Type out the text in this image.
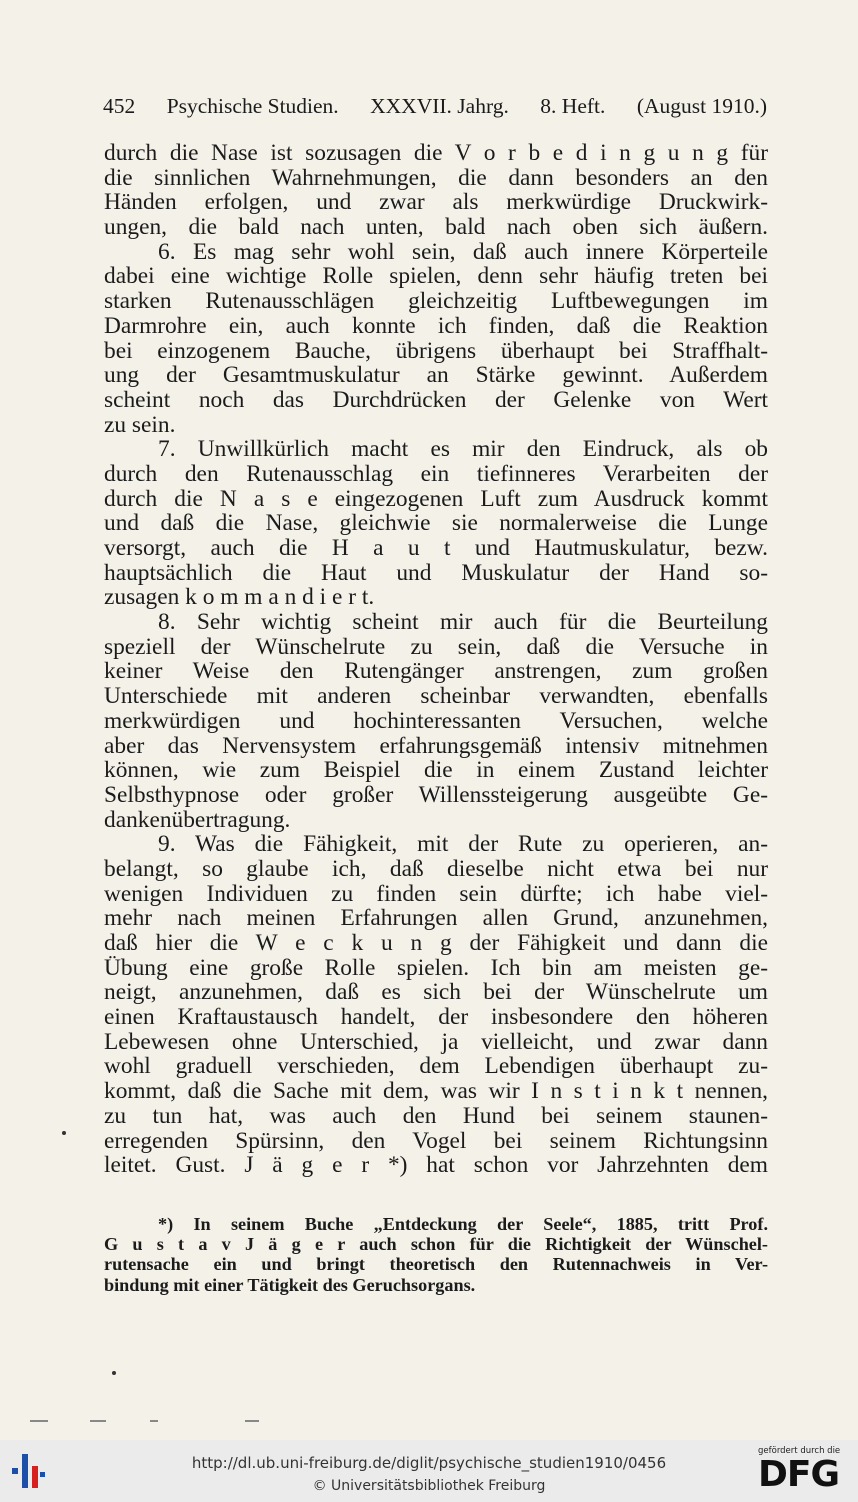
452 Psychische Studien. XXXVII. Jahrg. 8. Heft. (August 1910.)
durch die Nase ist sozusagen die V o r b e d i n g u n g für
die sinnlichen Wahrnehmungen, die dann besonders an den
Händen erfolgen, und zwar als merkwürdige Druckwirk-
ungen, die bald nach unten, bald nach oben sich äußern.
6. Es mag sehr wohl sein, daß auch innere Körperteile
dabei eine wichtige Rolle spielen, denn sehr häufig treten bei
starken Rutenausschlägen gleichzeitig Luftbewegungen im
Darmrohre ein, auch konnte ich finden, daß die Reaktion
bei einzogenem Bauche, übrigens überhaupt bei Straffhalt-
ung der Gesamtmuskulatur an Stärke gewinnt. Außerdem
scheint noch das Durchdrücken der Gelenke von Wert
zu sein.
7. Unwillkürlich macht es mir den Eindruck, als ob
durch den Rutenausschlag ein tiefinneres Verarbeiten der
durch die N a s e eingezogenen Luft zum Ausdruck kommt
und daß die Nase, gleichwie sie normalerweise die Lunge
versorgt, auch die H a u t und Hautmuskulatur, bezw.
hauptsächlich die Haut und Muskulatur der Hand so-
zusagen k o m m a n d i e r t.
8. Sehr wichtig scheint mir auch für die Beurteilung
speziell der Wünschelrute zu sein, daß die Versuche in
keiner Weise den Rutengänger anstrengen, zum großen
Unterschiede mit anderen scheinbar verwandten, ebenfalls
merkwürdigen und hochinteressanten Versuchen, welche
aber das Nervensystem erfahrungsgemäß intensiv mitnehmen
können, wie zum Beispiel die in einem Zustand leichter
Selbsthypnose oder großer Willenssteigerung ausgeübte Ge-
dankenübertragung.
9. Was die Fähigkeit, mit der Rute zu operieren, an-
belangt, so glaube ich, daß dieselbe nicht etwa bei nur
wenigen Individuen zu finden sein dürfte; ich habe viel-
mehr nach meinen Erfahrungen allen Grund, anzunehmen,
daß hier die W e c k u n g der Fähigkeit und dann die
Übung eine große Rolle spielen. Ich bin am meisten ge-
neigt, anzunehmen, daß es sich bei der Wünschelrute um
einen Kraftaustausch handelt, der insbesondere den höheren
Lebewesen ohne Unterschied, ja vielleicht, und zwar dann
wohl graduell verschieden, dem Lebendigen überhaupt zu-
kommt, daß die Sache mit dem, was wir I n s t i n k t nennen,
zu tun hat, was auch den Hund bei seinem staunen-
erregenden Spürsinn, den Vogel bei seinem Richtungsinn
leitet. Gust. J ä g e r *) hat schon vor Jahrzehnten dem
*) In seinem Buche „Entdeckung der Seele“, 1885, tritt Prof.
G u s t a v J ä g e r auch schon für die Richtigkeit der Wünschel-
rutensache ein und bringt theoretisch den Rutennachweis in Ver-
bindung mit einer Tätigkeit des Geruchsorgans.
http://dl.ub.uni-freiburg.de/diglit/psychische_studien1910/0456
© Universitätsbibliothek Freiburg
gefördert durch die
DFG
